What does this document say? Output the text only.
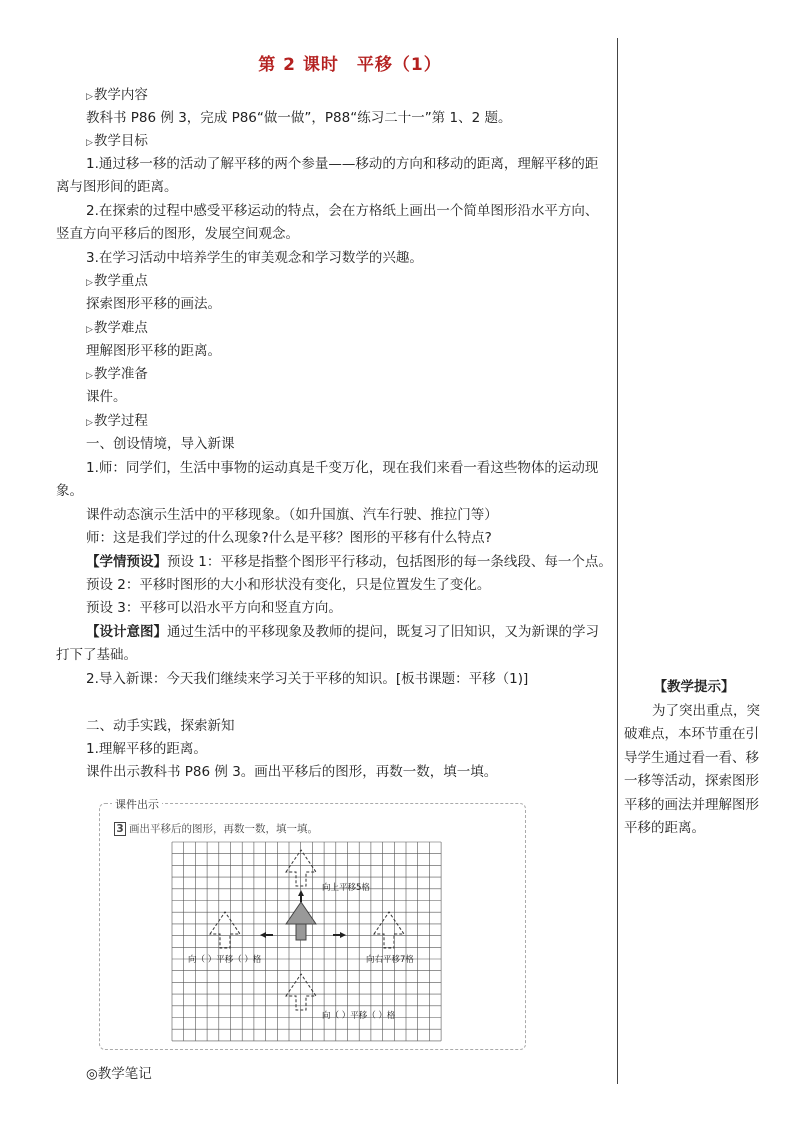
第 2 课时　平移（1）
▷教学内容
教科书 P86 例 3，完成 P86“做一做”，P88“练习二十一”第 1、2 题。
▷教学目标
1.通过移一移的活动了解平移的两个参量——移动的方向和移动的距离，理解平移的距离与图形间的距离。
2.在探索的过程中感受平移运动的特点，会在方格纸上画出一个简单图形沿水平方向、竖直方向平移后的图形，发展空间观念。
3.在学习活动中培养学生的审美观念和学习数学的兴趣。
▷教学重点
探索图形平移的画法。
▷教学难点
理解图形平移的距离。
▷教学准备
课件。
▷教学过程
一、创设情境，导入新课
1.师：同学们，生活中事物的运动真是千变万化，现在我们来看一看这些物体的运动现象。
课件动态演示生活中的平移现象。（如升国旗、汽车行驶、推拉门等）
师：这是我们学过的什么现象?什么是平移？图形的平移有什么特点?
【学情预设】预设 1：平移是指整个图形平行移动，包括图形的每一条线段、每一个点。
预设 2：平移时图形的大小和形状没有变化，只是位置发生了变化。
预设 3：平移可以沿水平方向和竖直方向。
【设计意图】通过生活中的平移现象及教师的提问，既复习了旧知识，又为新课的学习打下了基础。
2.导入新课：今天我们继续来学习关于平移的知识。[板书课题：平移（1)]
二、动手实践，探索新知
1.理解平移的距离。
课件出示教科书 P86 例 3。画出平移后的图形，再数一数，填一填。
课件出示
3 画出平移后的图形，再数一数，填一填。
向上平移5格
向（ ）平移（ ）格	向右平移7格
向（ ）平移（ ）格
【教学提示】
为了突出重点，突破难点，本环节重在引导学生通过看一看、移一移等活动，探索图形平移的画法并理解图形平移的距离。
◎教学笔记
